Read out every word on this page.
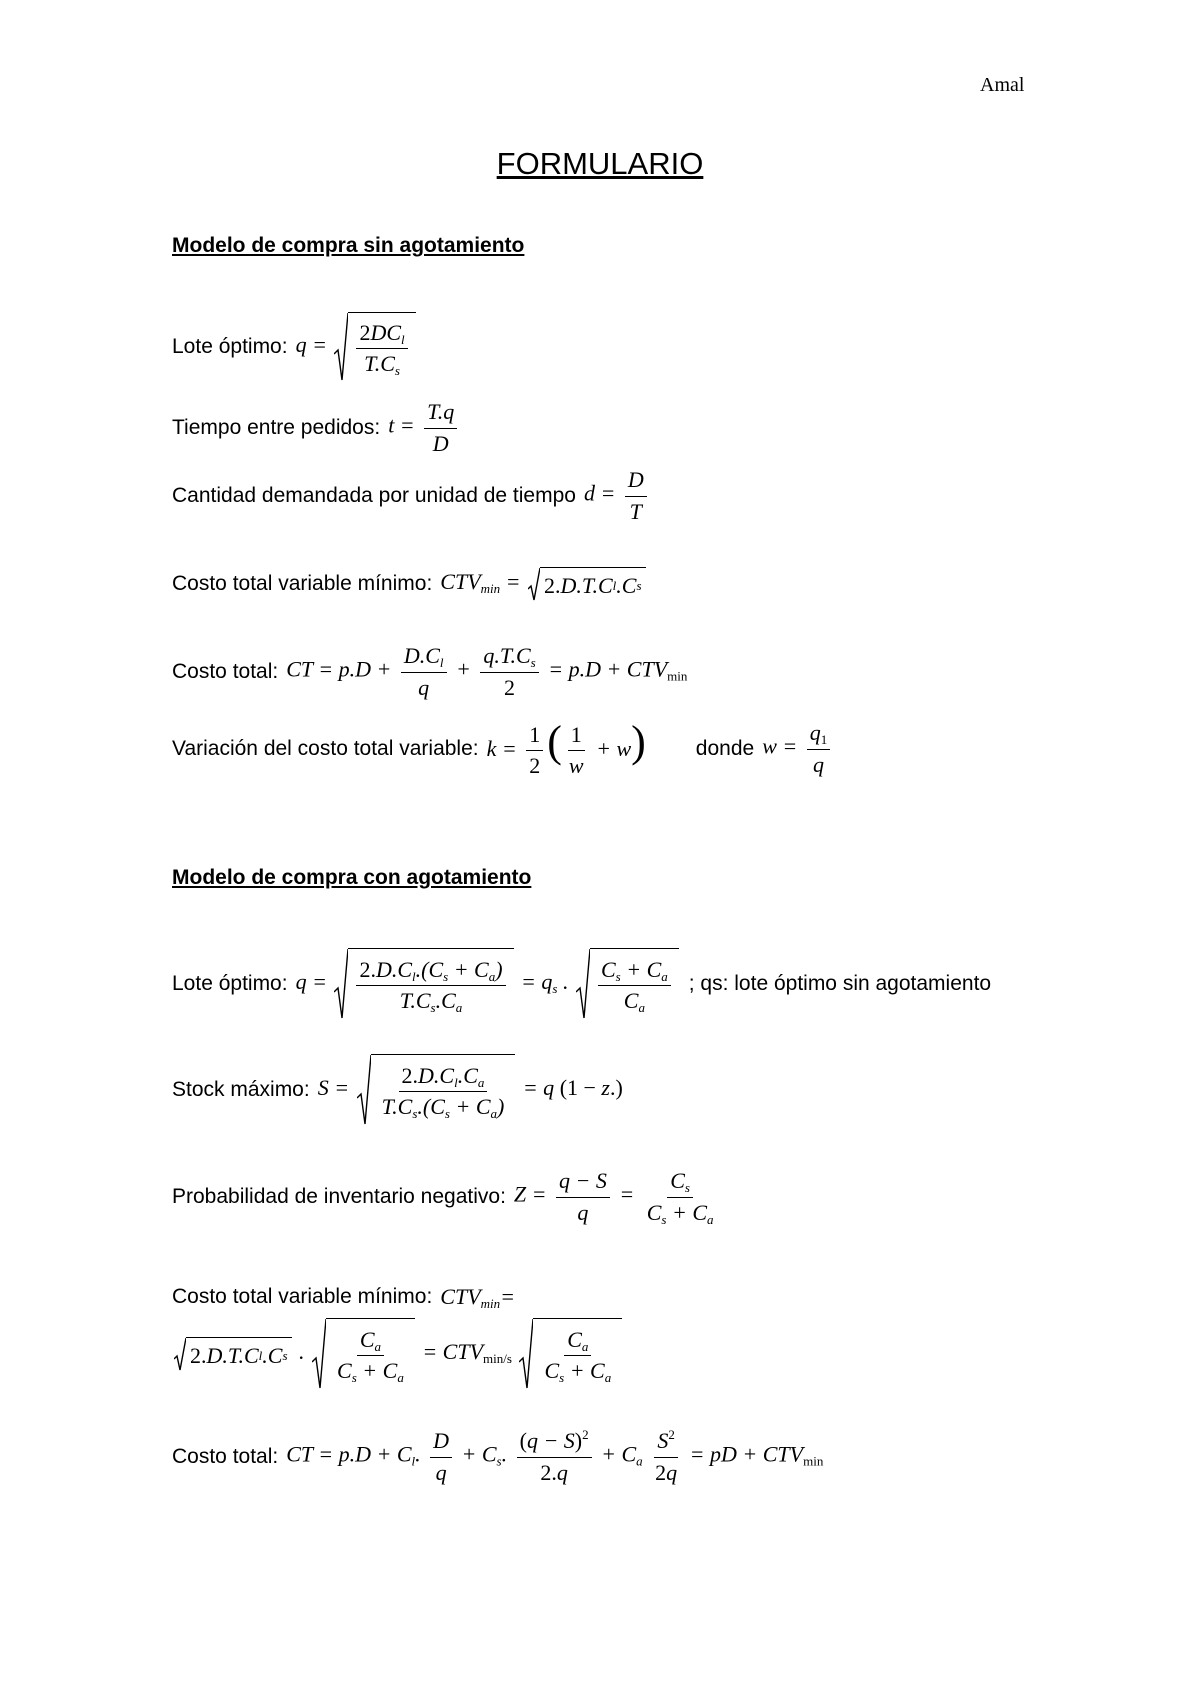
Amal
FORMULARIO
Modelo de compra sin agotamiento
Lote óptimo: $q = \frac{2DC_l}{T.C_s}$
Tiempo entre pedidos: $t = \frac{T.q}{D}$
Cantidad demandada por unidad de tiempo $d = \frac{D}{T}$
Costo total variable mínimo: $CTV_{min} = 2$. D.T.C l .C s
Costo total: CT = $p.D + \frac{D.C_l}{q} + \frac{q.T.C_s}{2} = p.D + CTV_{min}$
Variación del costo total variable: $k = \frac{1}{2}$ ( $\frac{1}{w} + w$) donde $w = \frac{q_1}{q}$
Modelo de compra con agotamiento
Lote óptimo: $q = \frac{2.D.C_l.(C_s + C_a)}{T.C_s.C_a} = q_s$ . $\frac{C_s + C_a}{C_a}$ ; qs: lote óptimo sin agotamiento
Stock máximo: $S = \frac{2.D.C_l.C_a}{T.C_s.(C_s + C_a)} = q$ (1 − z.)
Probabilidad de inventario negativo: $Z = \frac{q - S}{q} = \frac{C_s}{C_s + C_a}$
Costo total variable mínimo: $CTV_{min}=$
2. D.T.C l .C s . $\frac{C_a}{C_s + C_a} = CTV_{min/s} \frac{C_a}{C_s + C_a}$
Costo total: CT = $p.D + C_l$. $\frac{D}{q} + C_s$. $\frac{(q - S)^2}{2.q} + C_a \frac{S^2}{2q}$ = pD + $CTV_{min}$
